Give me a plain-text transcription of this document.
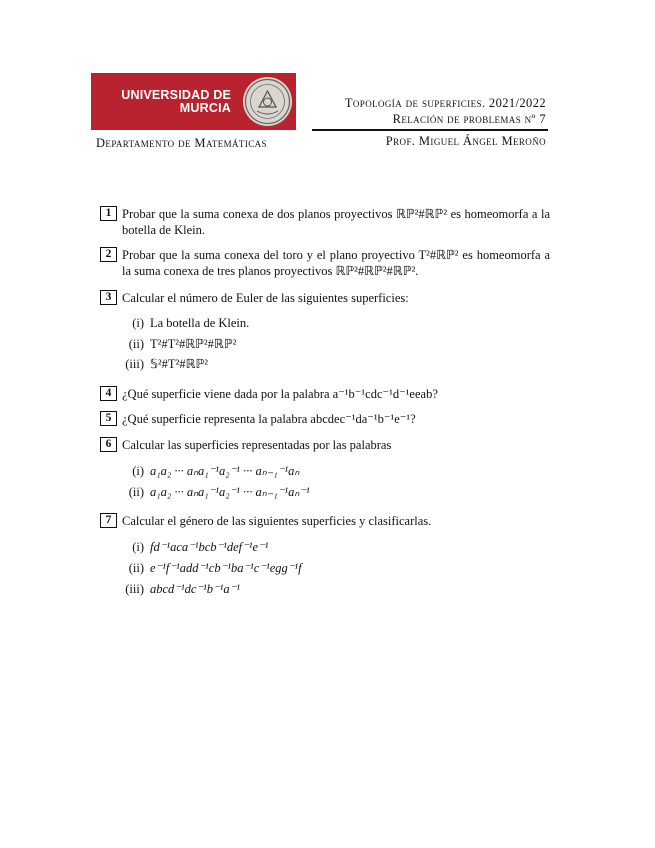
UNIVERSIDAD DE
MURCIA	Topología de superficies. 2021/2022
Relación de problemas nº 7
Departamento de Matemáticas	Prof. Miguel Ángel Meroño
1 Probar que la suma conexa de dos planos proyectivos ℝℙ²#ℝℙ² es homeomorfa a la botella de Klein.
2 Probar que la suma conexa del toro y el plano proyectivo T²#ℝℙ² es homeomorfa a la suma conexa de tres planos proyectivos ℝℙ²#ℝℙ²#ℝℙ².
3 Calcular el número de Euler de las siguientes superficies:
(i) La botella de Klein.
(ii) T²#T²#ℝℙ²#ℝℙ²
(iii) 𝕊²#T²#ℝℙ²
4 ¿Qué superficie viene dada por la palabra a⁻¹b⁻¹cdc⁻¹d⁻¹eeab?
5 ¿Qué superficie representa la palabra abcdec⁻¹da⁻¹b⁻¹e⁻¹?
6 Calcular las superficies representadas por las palabras
(i) a₁a₂ ··· aₙa₁⁻¹a₂⁻¹ ··· aₙ₋₁⁻¹aₙ
(ii) a₁a₂ ··· aₙa₁⁻¹a₂⁻¹ ··· aₙ₋₁⁻¹aₙ⁻¹
7 Calcular el género de las siguientes superficies y clasificarlas.
(i) fd⁻¹aca⁻¹bcb⁻¹def⁻¹e⁻¹
(ii) e⁻¹f⁻¹add⁻¹cb⁻¹ba⁻¹c⁻¹egg⁻¹f
(iii) abcd⁻¹dc⁻¹b⁻¹a⁻¹
